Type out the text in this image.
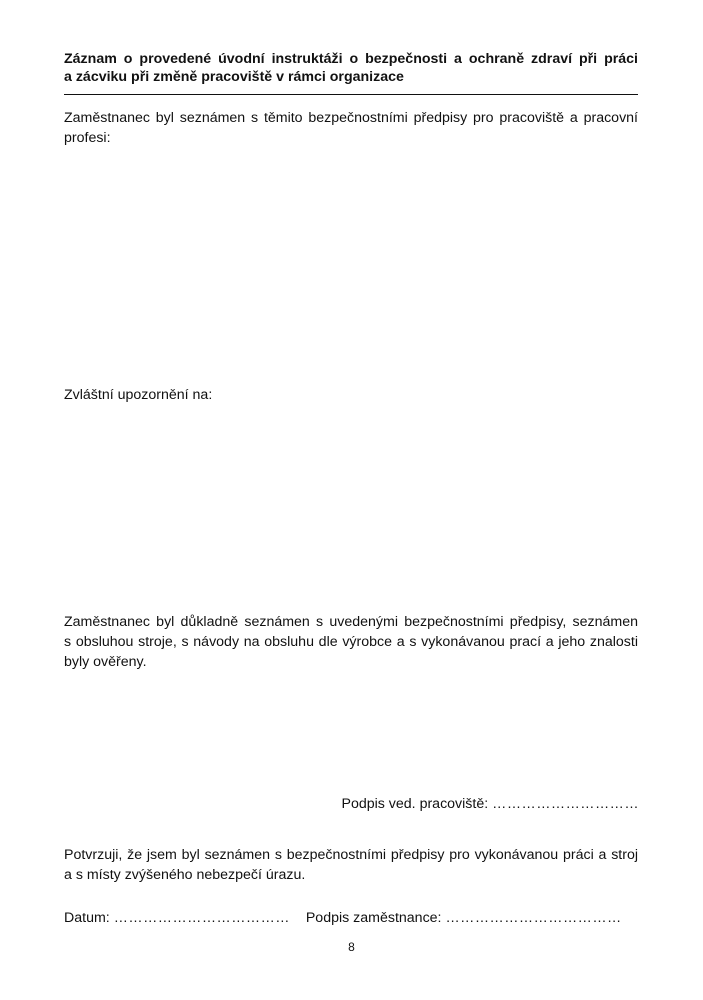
Záznam o provedené úvodní instruktáži o bezpečnosti a ochraně zdraví při práci
a zácviku při změně pracoviště v rámci organizace

Zaměstnanec byl seznámen s těmito bezpečnostními předpisy pro pracoviště a pracovní
profesi:

Zvláštní upozornění na:

Zaměstnanec byl důkladně seznámen s uvedenými bezpečnostními předpisy, seznámen
s obsluhou stroje, s návody na obsluhu dle výrobce a s vykonávanou prací a jeho znalosti
byly ověřeny.

Podpis ved. pracoviště: …………………………

Potvrzuji, že jsem byl seznámen s bezpečnostními předpisy pro vykonávanou práci a stroj
a s místy zvýšeného nebezpečí úrazu.

Datum: ……………………………… Podpis zaměstnance: ………………………………
8
